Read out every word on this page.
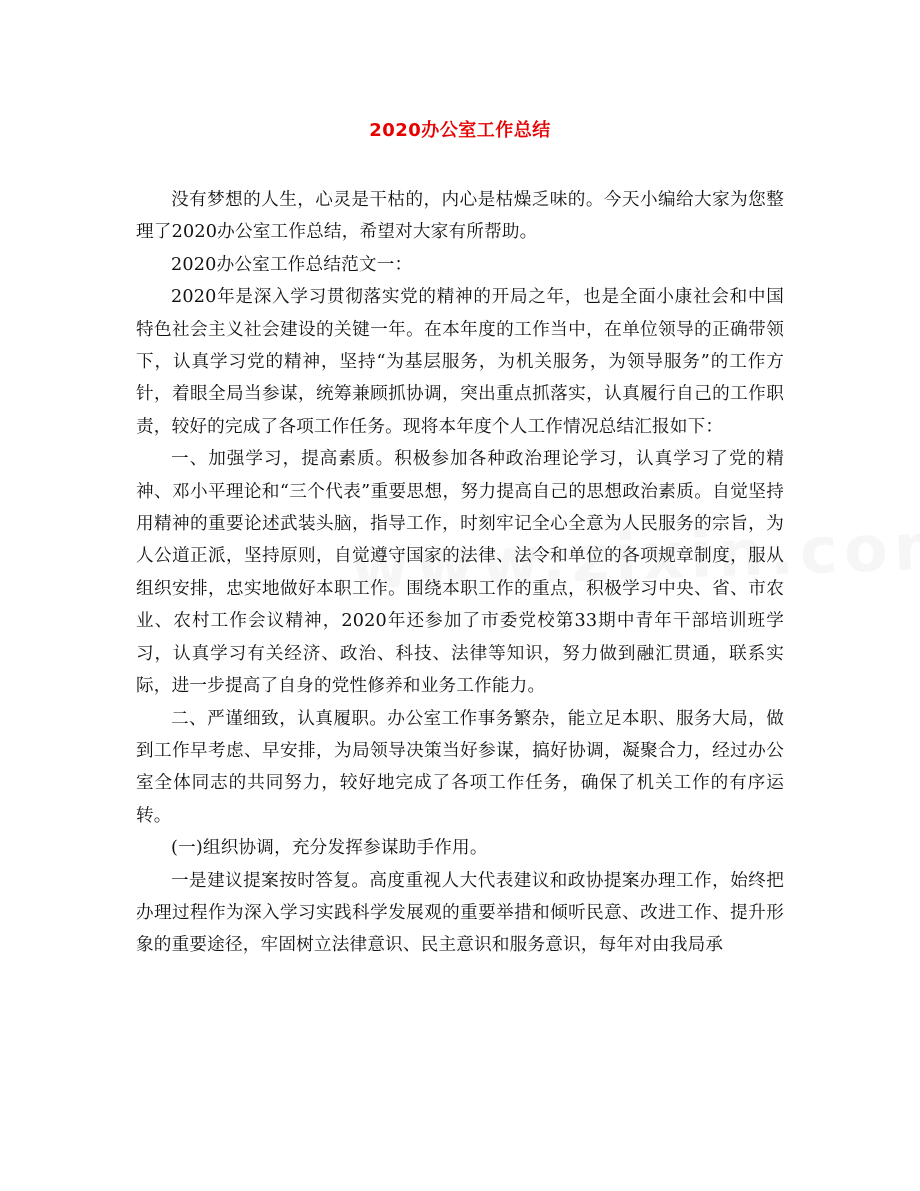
2020办公室工作总结

没有梦想的人生，心灵是干枯的，内心是枯燥乏味的。今天小编给大家为您整理了2020办公室工作总结，希望对大家有所帮助。

2020办公室工作总结范文一：

2020年是深入学习贯彻落实党的精神的开局之年，也是全面小康社会和中国特色社会主义社会建设的关键一年。在本年度的工作当中，在单位领导的正确带领下，认真学习党的精神，坚持“为基层服务，为机关服务，为领导服务”的工作方针，着眼全局当参谋，统筹兼顾抓协调，突出重点抓落实，认真履行自己的工作职责，较好的完成了各项工作任务。现将本年度个人工作情况总结汇报如下：

一、加强学习，提高素质。积极参加各种政治理论学习，认真学习了党的精神、邓小平理论和“三个代表”重要思想，努力提高自己的思想政治素质。自觉坚持用精神的重要论述武装头脑，指导工作，时刻牢记全心全意为人民服务的宗旨，为人公道正派，坚持原则，自觉遵守国家的法律、法令和单位的各项规章制度，服从组织安排，忠实地做好本职工作。围绕本职工作的重点，积极学习中央、省、市农业、农村工作会议精神，2020年还参加了市委党校第33期中青年干部培训班学习，认真学习有关经济、政治、科技、法律等知识，努力做到融汇贯通，联系实际，进一步提高了自身的党性修养和业务工作能力。

二、严谨细致，认真履职。办公室工作事务繁杂，能立足本职、服务大局，做到工作早考虑、早安排，为局领导决策当好参谋，搞好协调，凝聚合力，经过办公室全体同志的共同努力，较好地完成了各项工作任务，确保了机关工作的有序运转。

(一)组织协调，充分发挥参谋助手作用。

一是建议提案按时答复。高度重视人大代表建议和政协提案办理工作，始终把办理过程作为深入学习实践科学发展观的重要举措和倾听民意、改进工作、提升形象的重要途径，牢固树立法律意识、民主意识和服务意识，每年对由我局承
